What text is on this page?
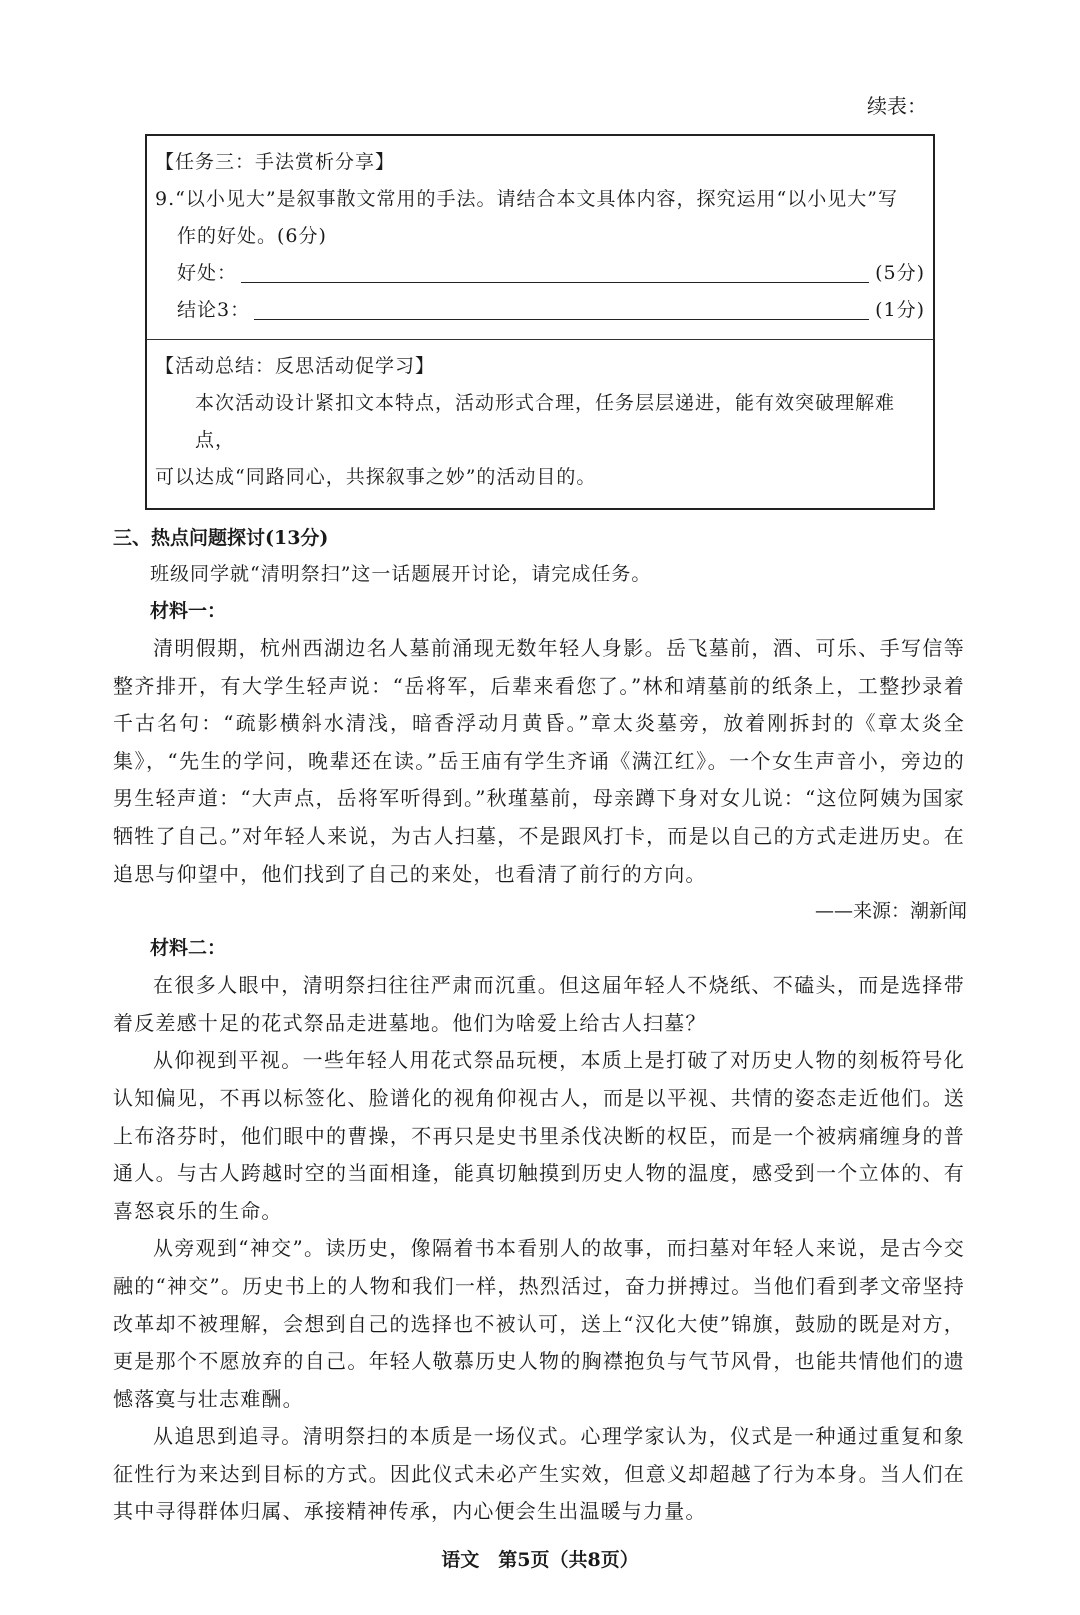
续表：
【任务三：手法赏析分享】
9.“以小见大”是叙事散文常用的手法。请结合本文具体内容，探究运用“以小见大”写
作的好处。(6分)
好处：	(5分)
结论3：	(1分)
【活动总结：反思活动促学习】
本次活动设计紧扣文本特点，活动形式合理，任务层层递进，能有效突破理解难点，
可以达成“同路同心，共探叙事之妙”的活动目的。
三、热点问题探讨(13分)
班级同学就“清明祭扫”这一话题展开讨论，请完成任务。
材料一：

清明假期，杭州西湖边名人墓前涌现无数年轻人身影。岳飞墓前，酒、可乐、手写信等整齐排开，有大学生轻声说：“岳将军，后辈来看您了。”林和靖墓前的纸条上，工整抄录着千古名句：“疏影横斜水清浅，暗香浮动月黄昏。”章太炎墓旁，放着刚拆封的《章太炎全集》，“先生的学问，晚辈还在读。”岳王庙有学生齐诵《满江红》。一个女生声音小，旁边的男生轻声道：“大声点，岳将军听得到。”秋瑾墓前，母亲蹲下身对女儿说：“这位阿姨为国家牺牲了自己。”对年轻人来说，为古人扫墓，不是跟风打卡，而是以自己的方式走进历史。在追思与仰望中，他们找到了自己的来处，也看清了前行的方向。

——来源：潮新闻
材料二：

在很多人眼中，清明祭扫往往严肃而沉重。但这届年轻人不烧纸、不磕头，而是选择带着反差感十足的花式祭品走进墓地。他们为啥爱上给古人扫墓？

从仰视到平视。一些年轻人用花式祭品玩梗，本质上是打破了对历史人物的刻板符号化认知偏见，不再以标签化、脸谱化的视角仰视古人，而是以平视、共情的姿态走近他们。送上布洛芬时，他们眼中的曹操，不再只是史书里杀伐决断的权臣，而是一个被病痛缠身的普通人。与古人跨越时空的当面相逢，能真切触摸到历史人物的温度，感受到一个立体的、有喜怒哀乐的生命。

从旁观到“神交”。读历史，像隔着书本看别人的故事，而扫墓对年轻人来说，是古今交融的“神交”。历史书上的人物和我们一样，热烈活过，奋力拼搏过。当他们看到孝文帝坚持改革却不被理解，会想到自己的选择也不被认可，送上“汉化大使”锦旗，鼓励的既是对方，更是那个不愿放弃的自己。年轻人敬慕历史人物的胸襟抱负与气节风骨，也能共情他们的遗憾落寞与壮志难酬。

从追思到追寻。清明祭扫的本质是一场仪式。心理学家认为，仪式是一种通过重复和象征性行为来达到目标的方式。因此仪式未必产生实效，但意义却超越了行为本身。当人们在其中寻得群体归属、承接精神传承，内心便会生出温暖与力量。

语文　第5页（共8页）
